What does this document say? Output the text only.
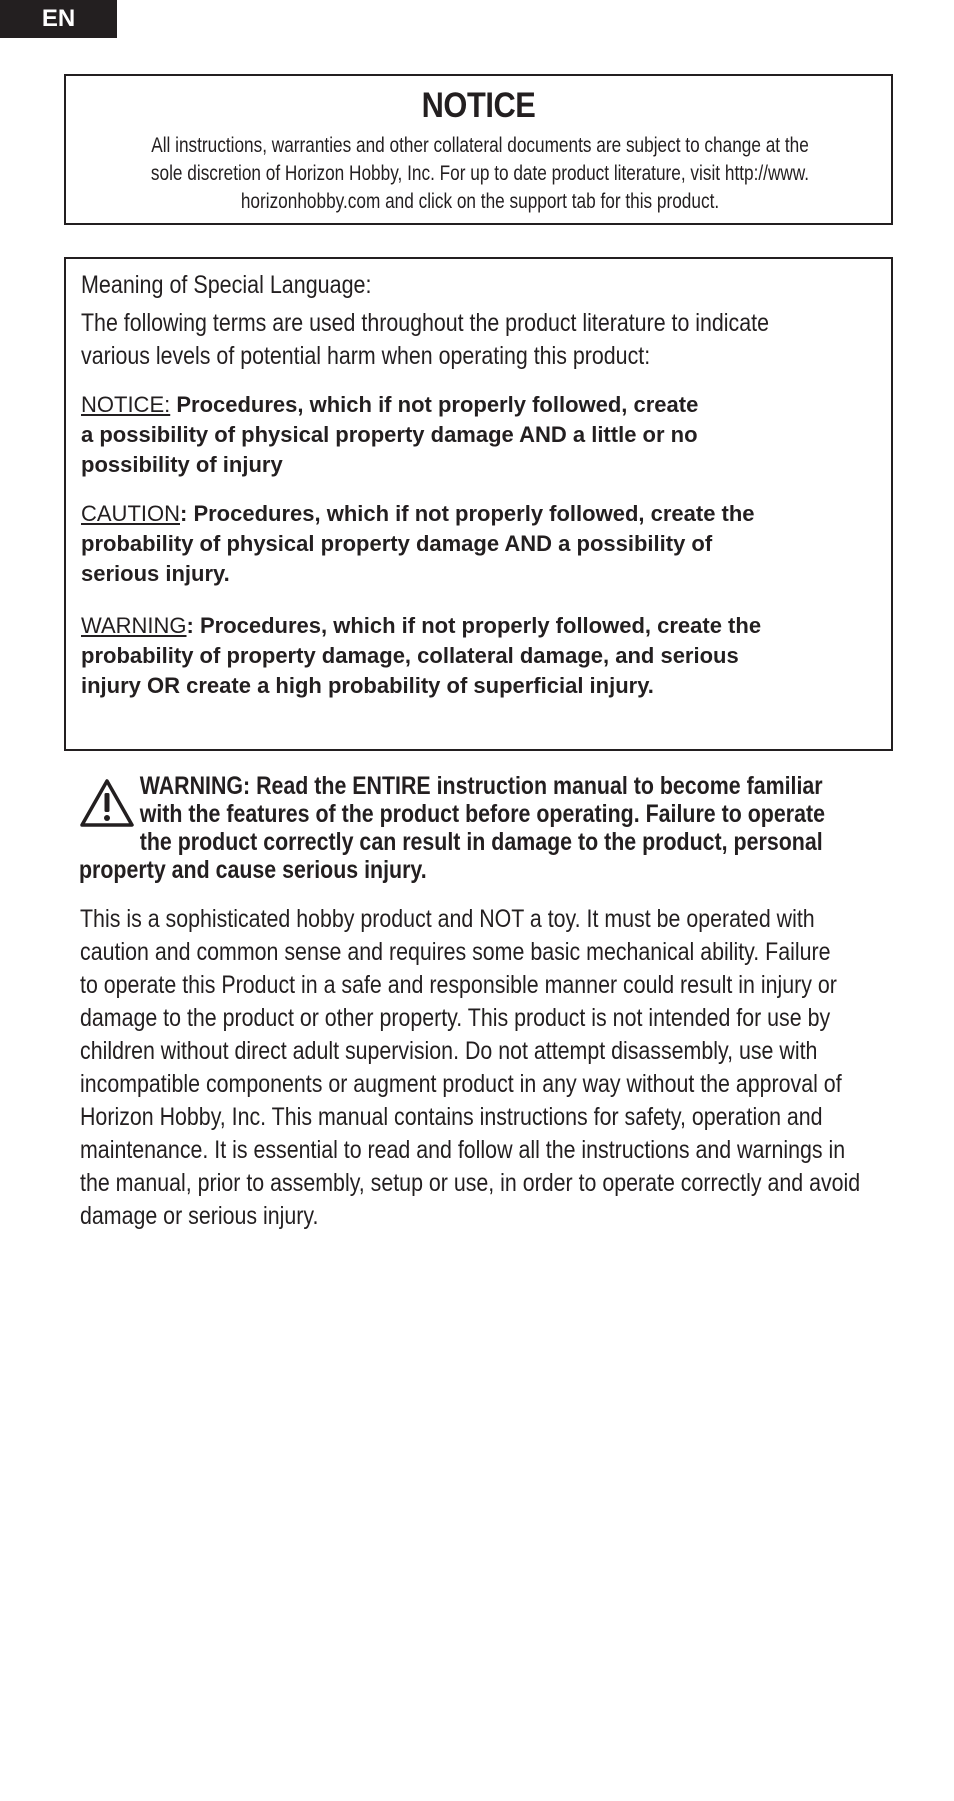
EN
NOTICE
All instructions, warranties and other collateral documents are subject to change at the
sole discretion of Horizon Hobby, Inc. For up to date product literature, visit http://www.
horizonhobby.com and click on the support tab for this product.
Meaning of Special Language:
The following terms are used throughout the product literature to indicate
various levels of potential harm when operating this product:
NOTICE: Procedures, which if not properly followed, create
a possibility of physical property damage AND a little or no
possibility of injury
CAUTION: Procedures, which if not properly followed, create the
probability of physical property damage AND a possibility of
serious injury.
WARNING: Procedures, which if not properly followed, create the
probability of property damage, collateral damage, and serious
injury OR create a high probability of superficial injury.
WARNING: Read the ENTIRE instruction manual to become familiar
with the features of the product before operating. Failure to operate
the product correctly can result in damage to the product, personal
property and cause serious injury.
This is a sophisticated hobby product and NOT a toy. It must be operated with
caution and common sense and requires some basic mechanical ability. Failure
to operate this Product in a safe and responsible manner could result in injury or
damage to the product or other property. This product is not intended for use by
children without direct adult supervision. Do not attempt disassembly, use with
incompatible components or augment product in any way without the approval of
Horizon Hobby, Inc. This manual contains instructions for safety, operation and
maintenance. It is essential to read and follow all the instructions and warnings in
the manual, prior to assembly, setup or use, in order to operate correctly and avoid
damage or serious injury.
